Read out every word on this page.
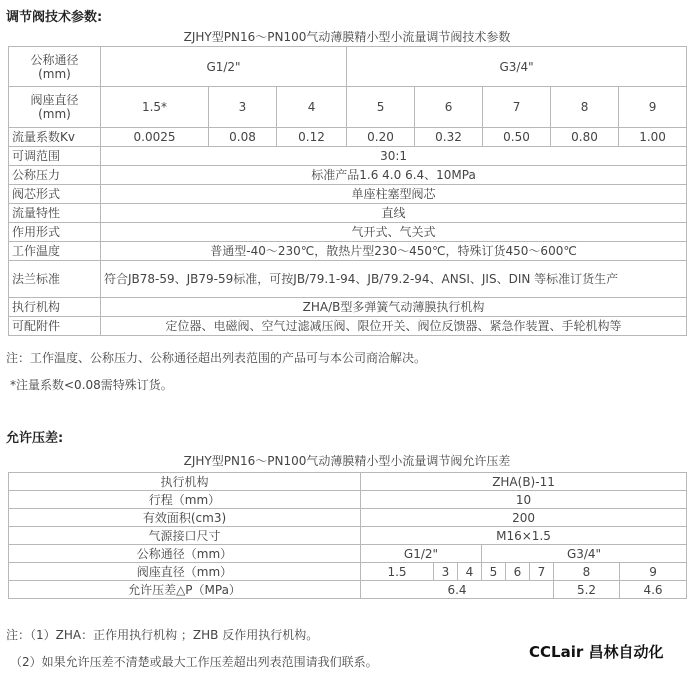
调节阀技术参数:
ZJHY型PN16～PN100气动薄膜精小型小流量调节阀技术参数
公称通径
(mm)	G1/2"			G3/4"				
阀座直径
(mm)	1.5*	3	4	5	6	7	8	9
流量系数Kv	0.0025	0.08	0.12	0.20	0.32	0.50	0.80	1.00
可调范围	30:1							
公称压力	标准产品1.6 4.0 6.4、10MPa							
阀芯形式	单座柱塞型阀芯							
流量特性	直线							
作用形式	气开式、气关式							
工作温度	普通型-40～230℃，散热片型230～450℃，特殊订货450～600℃							
法兰标准	符合JB78-59、JB79-59标准，可按JB/79.1-94、JB/79.2-94、ANSI、JIS、DIN 等标准订货生产							
执行机构	ZHA/B型多弹簧气动薄膜执行机构							
可配附件	定位器、电磁阀、空气过滤减压阀、限位开关、阀位反馈器、紧急作装置、手轮机构等							
注：工作温度、公称压力、公称通径超出列表范围的产品可与本公司商洽解决。
*注量系数<0.08需特殊订货。
允许压差:
ZJHY型PN16～PN100气动薄膜精小型小流量调节阀允许压差
执行机构	ZHA(B)-11							
行程（mm）	10							
有效面积(cm3)	200							
气源接口尺寸	M16×1.5							
公称通径（mm）	G1/2"			G3/4"				
阀座直径（mm）	1.5	3	4	5	6	7	8	9
允许压差△P（MPa）	6.4						5.2	4.6
注：（1）ZHA：正作用执行机构 ；ZHB 反作用执行机构。
（2）如果允许压差不清楚或最大工作压差超出列表范围请我们联系。
CCLair 昌林自动化
